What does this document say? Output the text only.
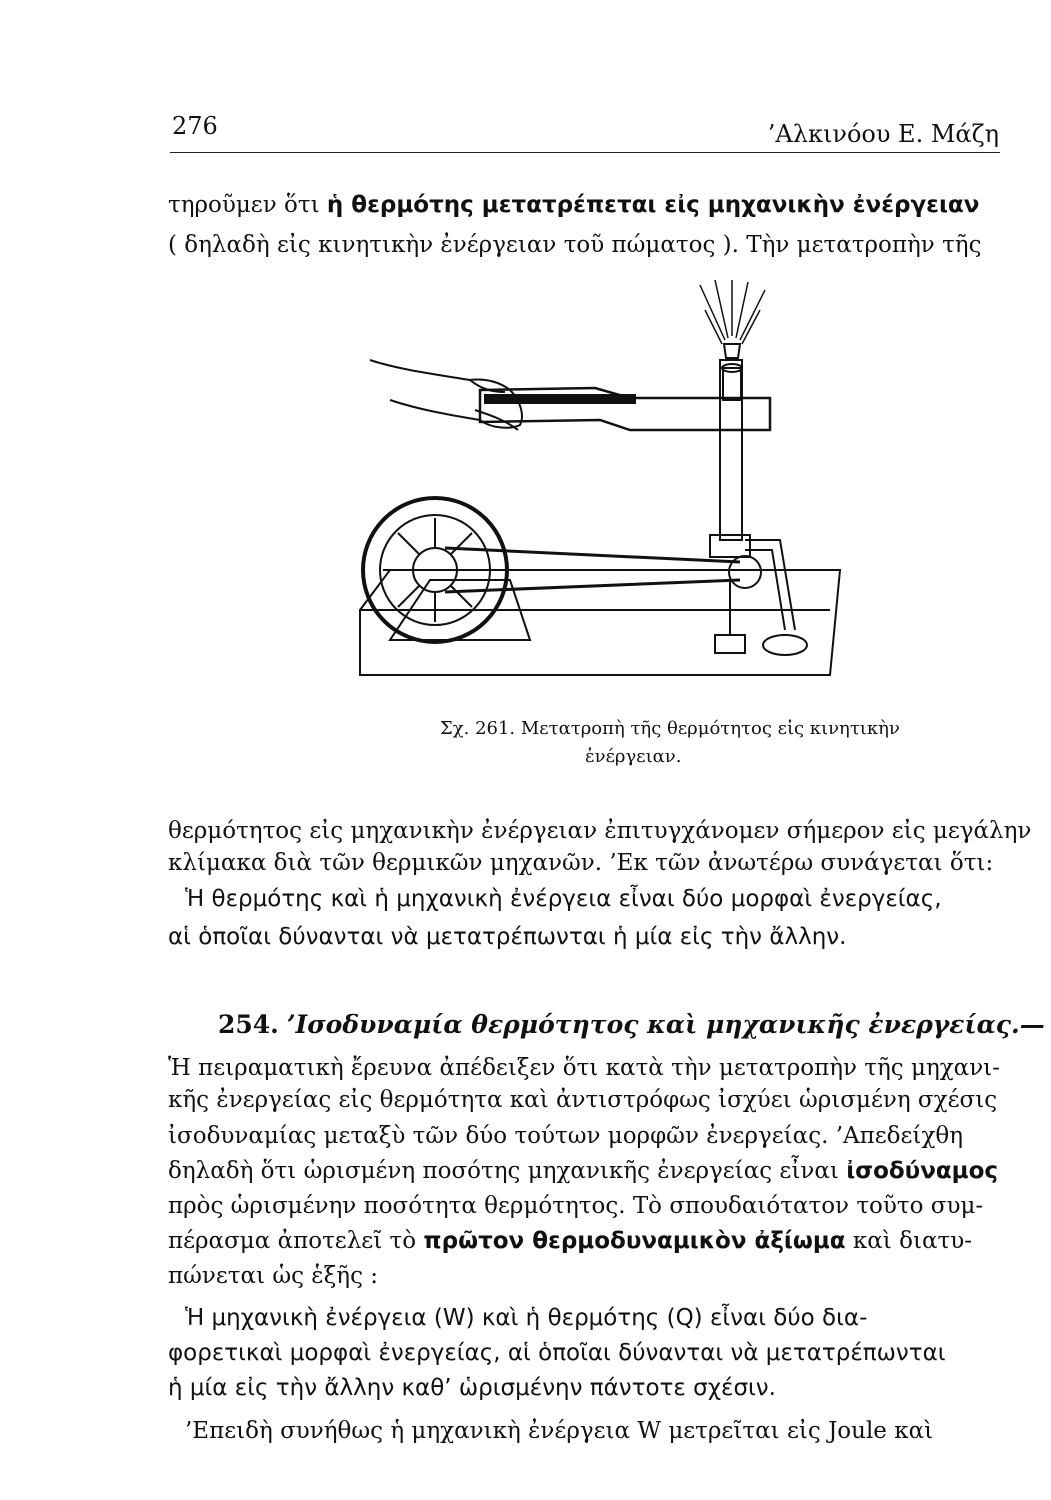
276	’Αλκινόου Ε. Μάζη
τηροῦμεν ὅτι ἡ θερμότης μετατρέπεται εἰς μηχανικὴν ἐνέργειαν
( δηλαδὴ εἰς κινητικὴν ἐνέργειαν τοῦ πώματος ). Τὴν μετατροπὴν τῆς
Σχ. 261. Μετατροπὴ τῆς θερμότητος εἰς κινητικὴν
ἐνέργειαν.
θερμότητος εἰς μηχανικὴν ἐνέργειαν ἐπιτυγχάνομεν σήμερον εἰς μεγάλην
κλίμακα διὰ τῶν θερμικῶν μηχανῶν. ’Εκ τῶν ἀνωτέρω συνάγεται ὅτι:
Ἡ θερμότης καὶ ἡ μηχανικὴ ἐνέργεια εἶναι δύο μορφαὶ ἐνεργείας,
αἱ ὁποῖαι δύνανται νὰ μετατρέπωνται ἡ μία εἰς τὴν ἄλλην.
254. ’Ισοδυναμία θερμότητος καὶ μηχανικῆς ἐνεργείας.—
Ἡ πειραματικὴ ἔρευνα ἀπέδειξεν ὅτι κατὰ τὴν μετατροπὴν τῆς μηχανι-
κῆς ἐνεργείας εἰς θερμότητα καὶ ἀντιστρόφως ἰσχύει ὡρισμένη σχέσις
ἰσοδυναμίας μεταξὺ τῶν δύο τούτων μορφῶν ἐνεργείας. ’Απεδείχθη
δηλαδὴ ὅτι ὡρισμένη ποσότης μηχανικῆς ἐνεργείας εἶναι ἰσοδύναμος
πρὸς ὡρισμένην ποσότητα θερμότητος. Τὸ σπουδαιότατον τοῦτο συμ-
πέρασμα ἀποτελεῖ τὸ πρῶτον θερμοδυναμικὸν ἀξίωμα καὶ διατυ-
πώνεται ὡς ἑξῆς :
Ἡ μηχανικὴ ἐνέργεια (W) καὶ ἡ θερμότης (Q) εἶναι δύο δια-
φορετικαὶ μορφαὶ ἐνεργείας, αἱ ὁποῖαι δύνανται νὰ μετατρέπωνται
ἡ μία εἰς τὴν ἄλλην καθ’ ὡρισμένην πάντοτε σχέσιν.
’Επειδὴ συνήθως ἡ μηχανικὴ ἐνέργεια W μετρεῖται εἰς Joule καὶ
